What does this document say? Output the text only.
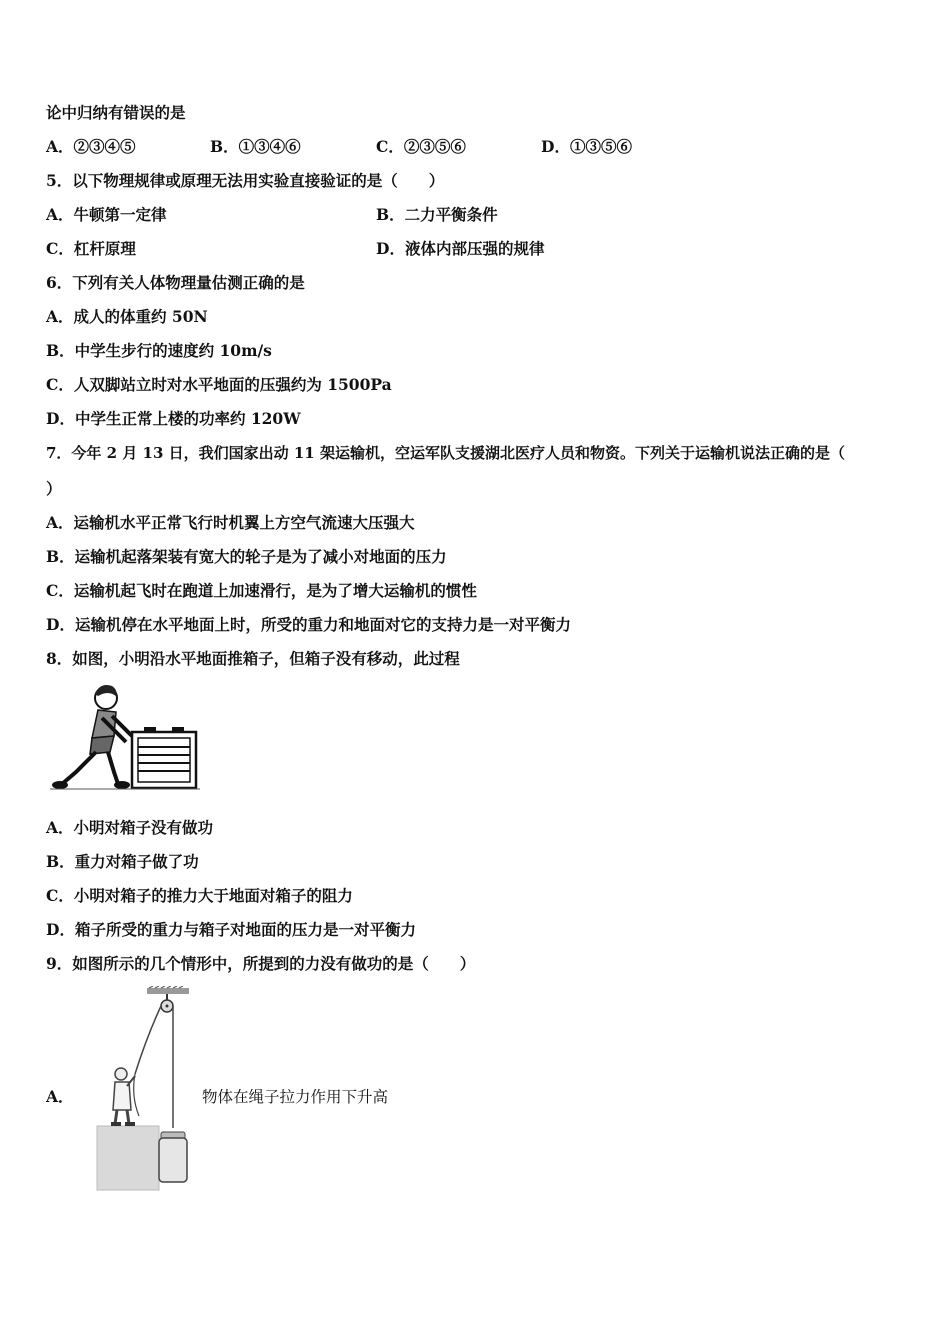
论中归纳有错误的是
A．②③④⑤	B．①③④⑥	C．②③⑤⑥	D．①③⑤⑥
5．以下物理规律或原理无法用实验直接验证的是（　　）
A．牛顿第一定律	B．二力平衡条件
C．杠杆原理	D．液体内部压强的规律
6．下列有关人体物理量估测正确的是
A．成人的体重约 50N
B．中学生步行的速度约 10m/s
C．人双脚站立时对水平地面的压强约为 1500Pa
D．中学生正常上楼的功率约 120W
7．今年 2 月 13 日，我们国家出动 11 架运输机，空运军队支援湖北医疗人员和物资。下列关于运输机说法正确的是（
）
A．运输机水平正常飞行时机翼上方空气流速大压强大
B．运输机起落架装有宽大的轮子是为了减小对地面的压力
C．运输机起飞时在跑道上加速滑行，是为了增大运输机的惯性
D．运输机停在水平地面上时，所受的重力和地面对它的支持力是一对平衡力
8．如图，小明沿水平地面推箱子，但箱子没有移动，此过程
A．小明对箱子没有做功
B．重力对箱子做了功
C．小明对箱子的推力大于地面对箱子的阻力
D．箱子所受的重力与箱子对地面的压力是一对平衡力
9．如图所示的几个情形中，所提到的力没有做功的是（　　）
A．	物体在绳子拉力作用下升高
